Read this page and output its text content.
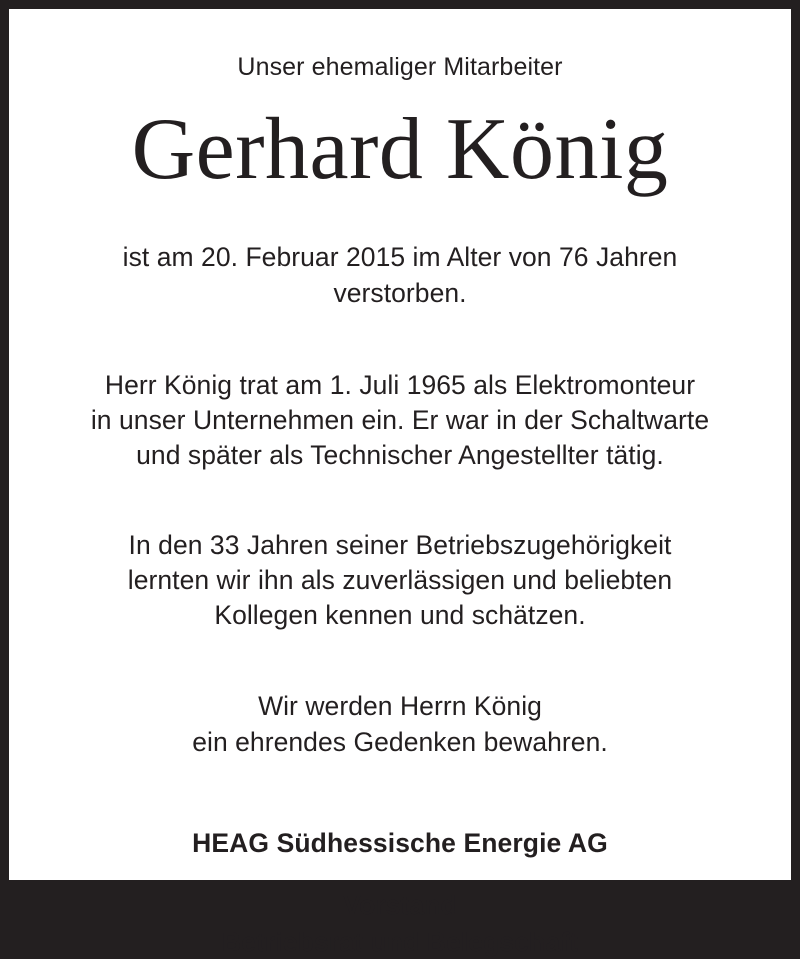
Unser ehemaliger Mitarbeiter

Gerhard König
ist am 20. Februar 2015 im Alter von 76 Jahren
verstorben.
Herr König trat am 1. Juli 1965 als Elektromonteur
in unser Unternehmen ein. Er war in der Schaltwarte
und später als Technischer Angestellter tätig.
In den 33 Jahren seiner Betriebszugehörigkeit
lernten wir ihn als zuverlässigen und beliebten
Kollegen kennen und schätzen.
Wir werden Herrn König
ein ehrendes Gedenken bewahren.

HEAG Südhessische Energie AG

Vorstand

Betriebsrat und Belegschaft
